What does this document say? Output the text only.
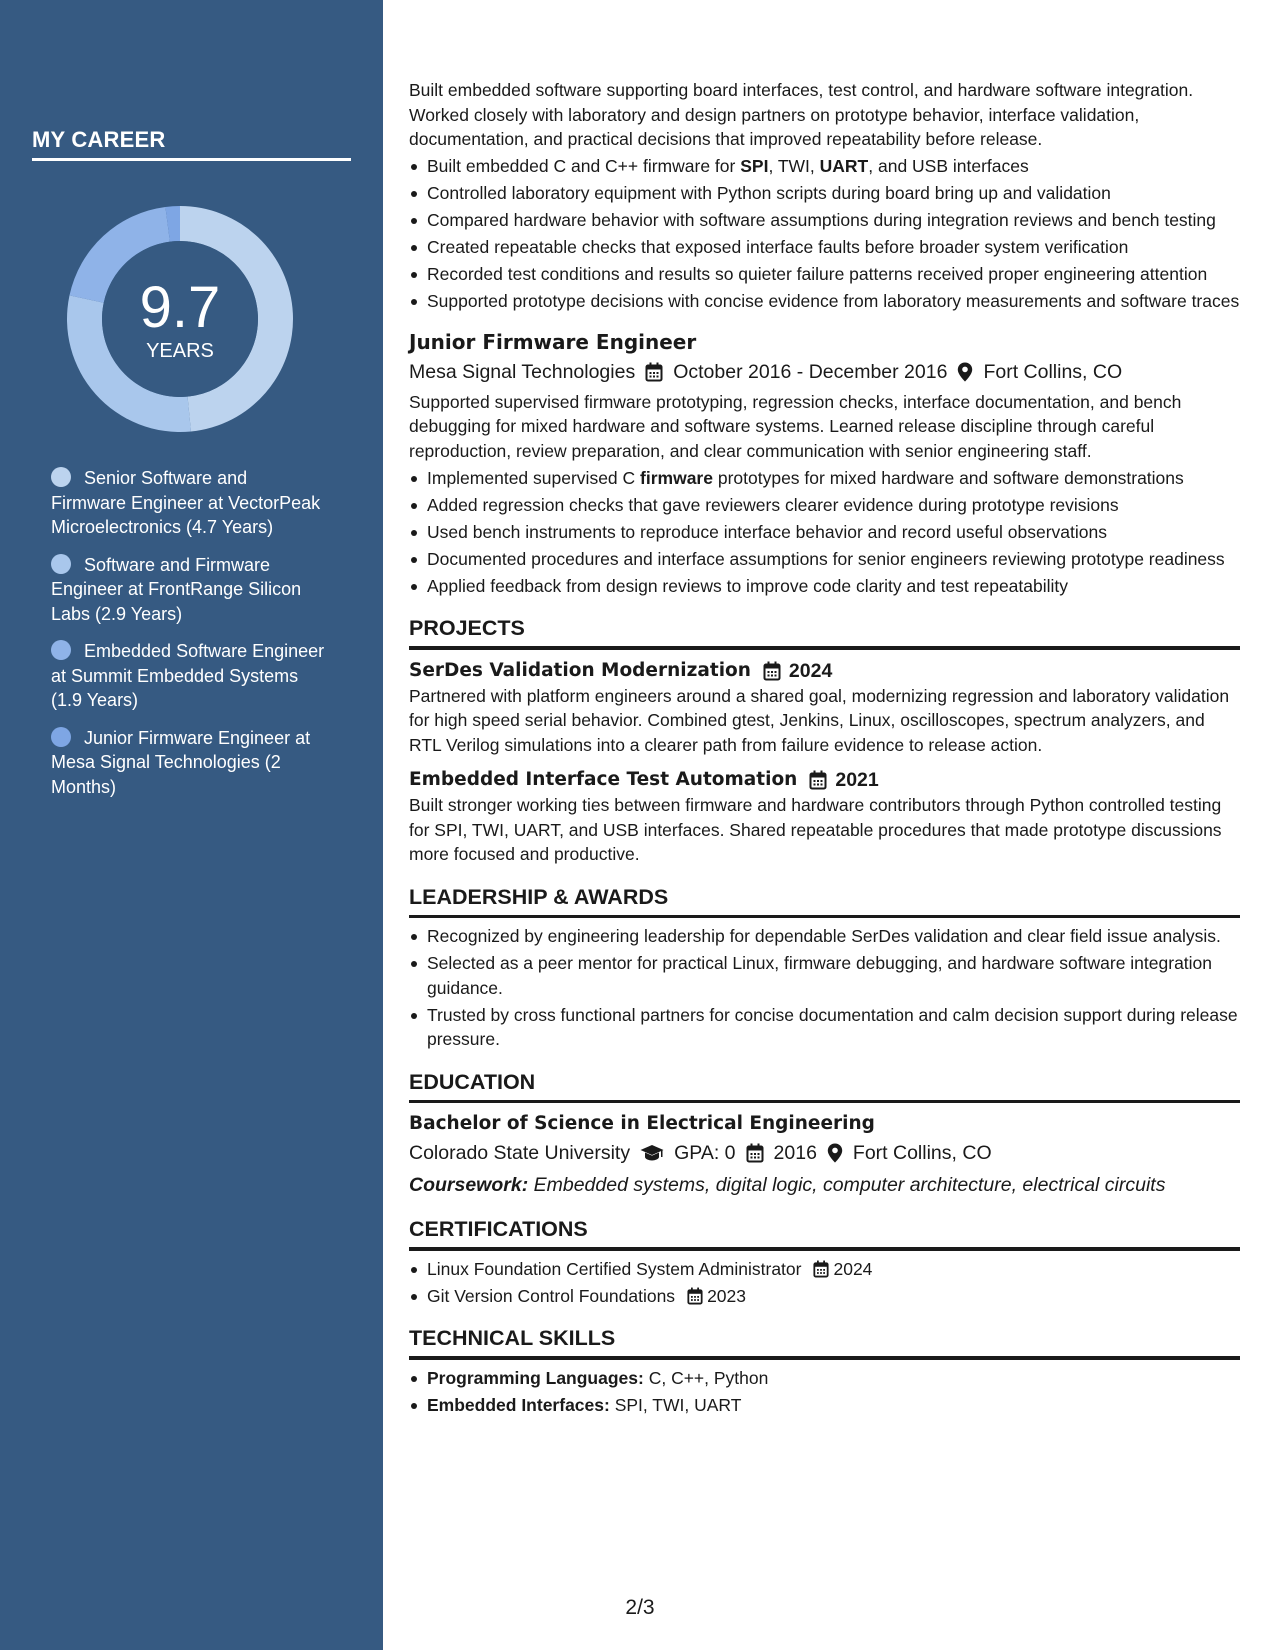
MY CAREER
9.7
YEARS
Senior Software and Firmware Engineer at VectorPeak Microelectronics (4.7 Years)
Software and Firmware Engineer at FrontRange Silicon Labs (2.9 Years)
Embedded Software Engineer at Summit Embedded Systems (1.9 Years)
Junior Firmware Engineer at Mesa Signal Technologies (2 Months)

Built embedded software supporting board interfaces, test control, and hardware software integration. Worked closely with laboratory and design partners on prototype behavior, interface validation, documentation, and practical decisions that improved repeatability before release.

Built embedded C and C++ firmware for SPI, TWI, UART, and USB interfaces
Controlled laboratory equipment with Python scripts during board bring up and validation
Compared hardware behavior with software assumptions during integration reviews and bench testing
Created repeatable checks that exposed interface faults before broader system verification
Recorded test conditions and results so quieter failure patterns received proper engineering attention
Supported prototype decisions with concise evidence from laboratory measurements and software traces
Junior Firmware Engineer
Mesa Signal Technologies October 2016 - December 2016 Fort Collins, CO

Supported supervised firmware prototyping, regression checks, interface documentation, and bench debugging for mixed hardware and software systems. Learned release discipline through careful reproduction, review preparation, and clear communication with senior engineering staff.

Implemented supervised C firmware prototypes for mixed hardware and software demonstrations
Added regression checks that gave reviewers clearer evidence during prototype revisions
Used bench instruments to reproduce interface behavior and record useful observations
Documented procedures and interface assumptions for senior engineers reviewing prototype readiness
Applied feedback from design reviews to improve code clarity and test repeatability
PROJECTS
SerDes Validation Modernization 2024

Partnered with platform engineers around a shared goal, modernizing regression and laboratory validation for high speed serial behavior. Combined gtest, Jenkins, Linux, oscilloscopes, spectrum analyzers, and RTL Verilog simulations into a clearer path from failure evidence to release action.

Embedded Interface Test Automation 2021

Built stronger working ties between firmware and hardware contributors through Python controlled testing for SPI, TWI, UART, and USB interfaces. Shared repeatable procedures that made prototype discussions more focused and productive.

LEADERSHIP & AWARDS
Recognized by engineering leadership for dependable SerDes validation and clear field issue analysis.
Selected as a peer mentor for practical Linux, firmware debugging, and hardware software integration guidance.
Trusted by cross functional partners for concise documentation and calm decision support during release pressure.
EDUCATION
Bachelor of Science in Electrical Engineering
Colorado State University GPA: 0 2016 Fort Collins, CO
Coursework: Embedded systems, digital logic, computer architecture, electrical circuits
CERTIFICATIONS
Linux Foundation Certified System Administrator 2024
Git Version Control Foundations 2023
TECHNICAL SKILLS
Programming Languages: C, C++, Python
Embedded Interfaces: SPI, TWI, UART
2/3
